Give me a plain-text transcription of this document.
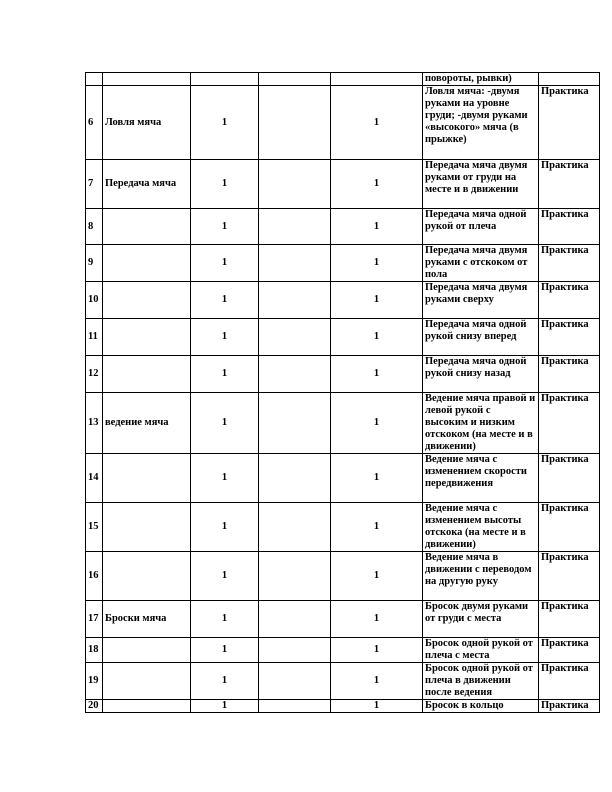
					повороты, рывки)	
6	Ловля мяча	1		1	Ловля мяча: -двумя руками на уровне груди; -двумя руками «высокого» мяча (в прыжке)	Практика
7	Передача мяча	1		1	Передача мяча двумя руками от груди на месте и в движении	Практика
8		1		1	Передача мяча одной рукой от плеча	Практика
9		1		1	Передача мяча двумя руками с отскоком от пола	Практика
10		1		1	Передача мяча двумя руками сверху	Практика
11		1		1	Передача мяча одной рукой снизу вперед	Практика
12		1		1	Передача мяча одной рукой снизу назад	Практика
13	ведение мяча	1		1	Ведение мяча правой и левой рукой с высоким и низким отскоком (на месте и в движении)	Практика
14		1		1	Ведение мяча с изменением скорости передвижения	Практика
15		1		1	Ведение мяча с изменением высоты отскока (на месте и в движении)	Практика
16		1		1	Ведение мяча в движении с переводом на другую руку	Практика
17	Броски мяча	1		1	Бросок двумя руками от груди с места	Практика
18		1		1	Бросок одной рукой от плеча с места	Практика
19		1		1	Бросок одной рукой от плеча в движении после ведения	Практика
20		1		1	Бросок в кольцо	Практика
